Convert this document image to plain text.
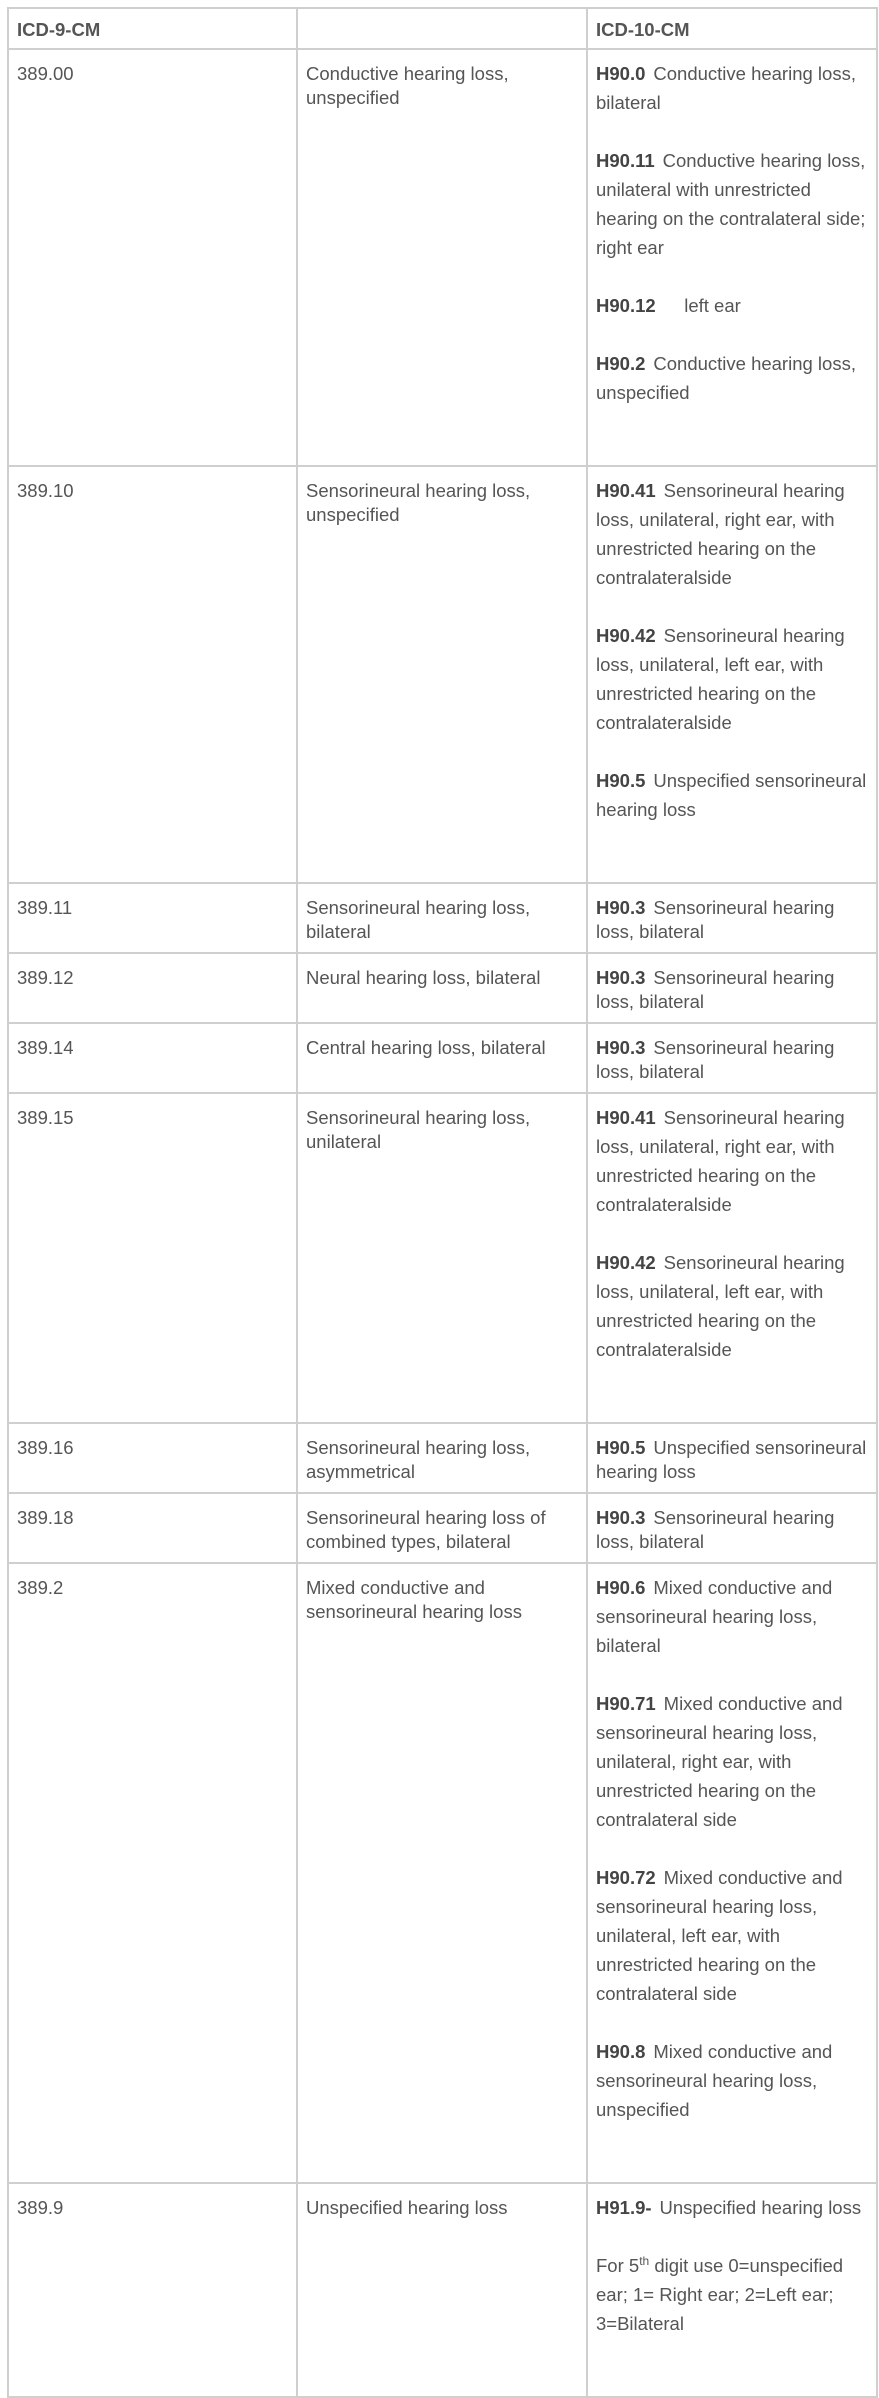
ICD-9-CM		ICD-10-CM
389.00	Conductive hearing loss, unspecified	H90.0 Conductive hearing loss, bilateral
H90.11 Conductive hearing loss, unilateral with unrestricted hearing on the contralateral side; right ear
H90.12    left ear
H90.2 Conductive hearing loss, unspecified

389.10	Sensorineural hearing loss, unspecified	H90.41 Sensorineural hearing loss, unilateral, right ear, with unrestricted hearing on the contralateralside
H90.42 Sensorineural hearing loss, unilateral, left ear, with unrestricted hearing on the contralateralside
H90.5 Unspecified sensorineural hearing loss

389.11	Sensorineural hearing loss, bilateral	H90.3 Sensorineural hearing loss, bilateral

389.12	Neural hearing loss, bilateral	H90.3 Sensorineural hearing loss, bilateral

389.14	Central hearing loss, bilateral	H90.3 Sensorineural hearing loss, bilateral

389.15	Sensorineural hearing loss, unilateral	H90.41 Sensorineural hearing loss, unilateral, right ear, with unrestricted hearing on the contralateralside
H90.42 Sensorineural hearing loss, unilateral, left ear, with unrestricted hearing on the contralateralside

389.16	Sensorineural hearing loss, asymmetrical	H90.5 Unspecified sensorineural hearing loss

389.18	Sensorineural hearing loss of combined types, bilateral	H90.3 Sensorineural hearing loss, bilateral

389.2	Mixed conductive and sensorineural hearing loss	H90.6 Mixed conductive and sensorineural hearing loss, bilateral
H90.71 Mixed conductive and sensorineural hearing loss, unilateral, right ear, with unrestricted hearing on the contralateral side
H90.72 Mixed conductive and sensorineural hearing loss, unilateral, left ear, with unrestricted hearing on the contralateral side
H90.8 Mixed conductive and sensorineural hearing loss, unspecified

389.9	Unspecified hearing loss	H91.9- Unspecified hearing loss
For 5th digit use 0=unspecified ear; 1= Right ear; 2=Left ear; 3=Bilateral
